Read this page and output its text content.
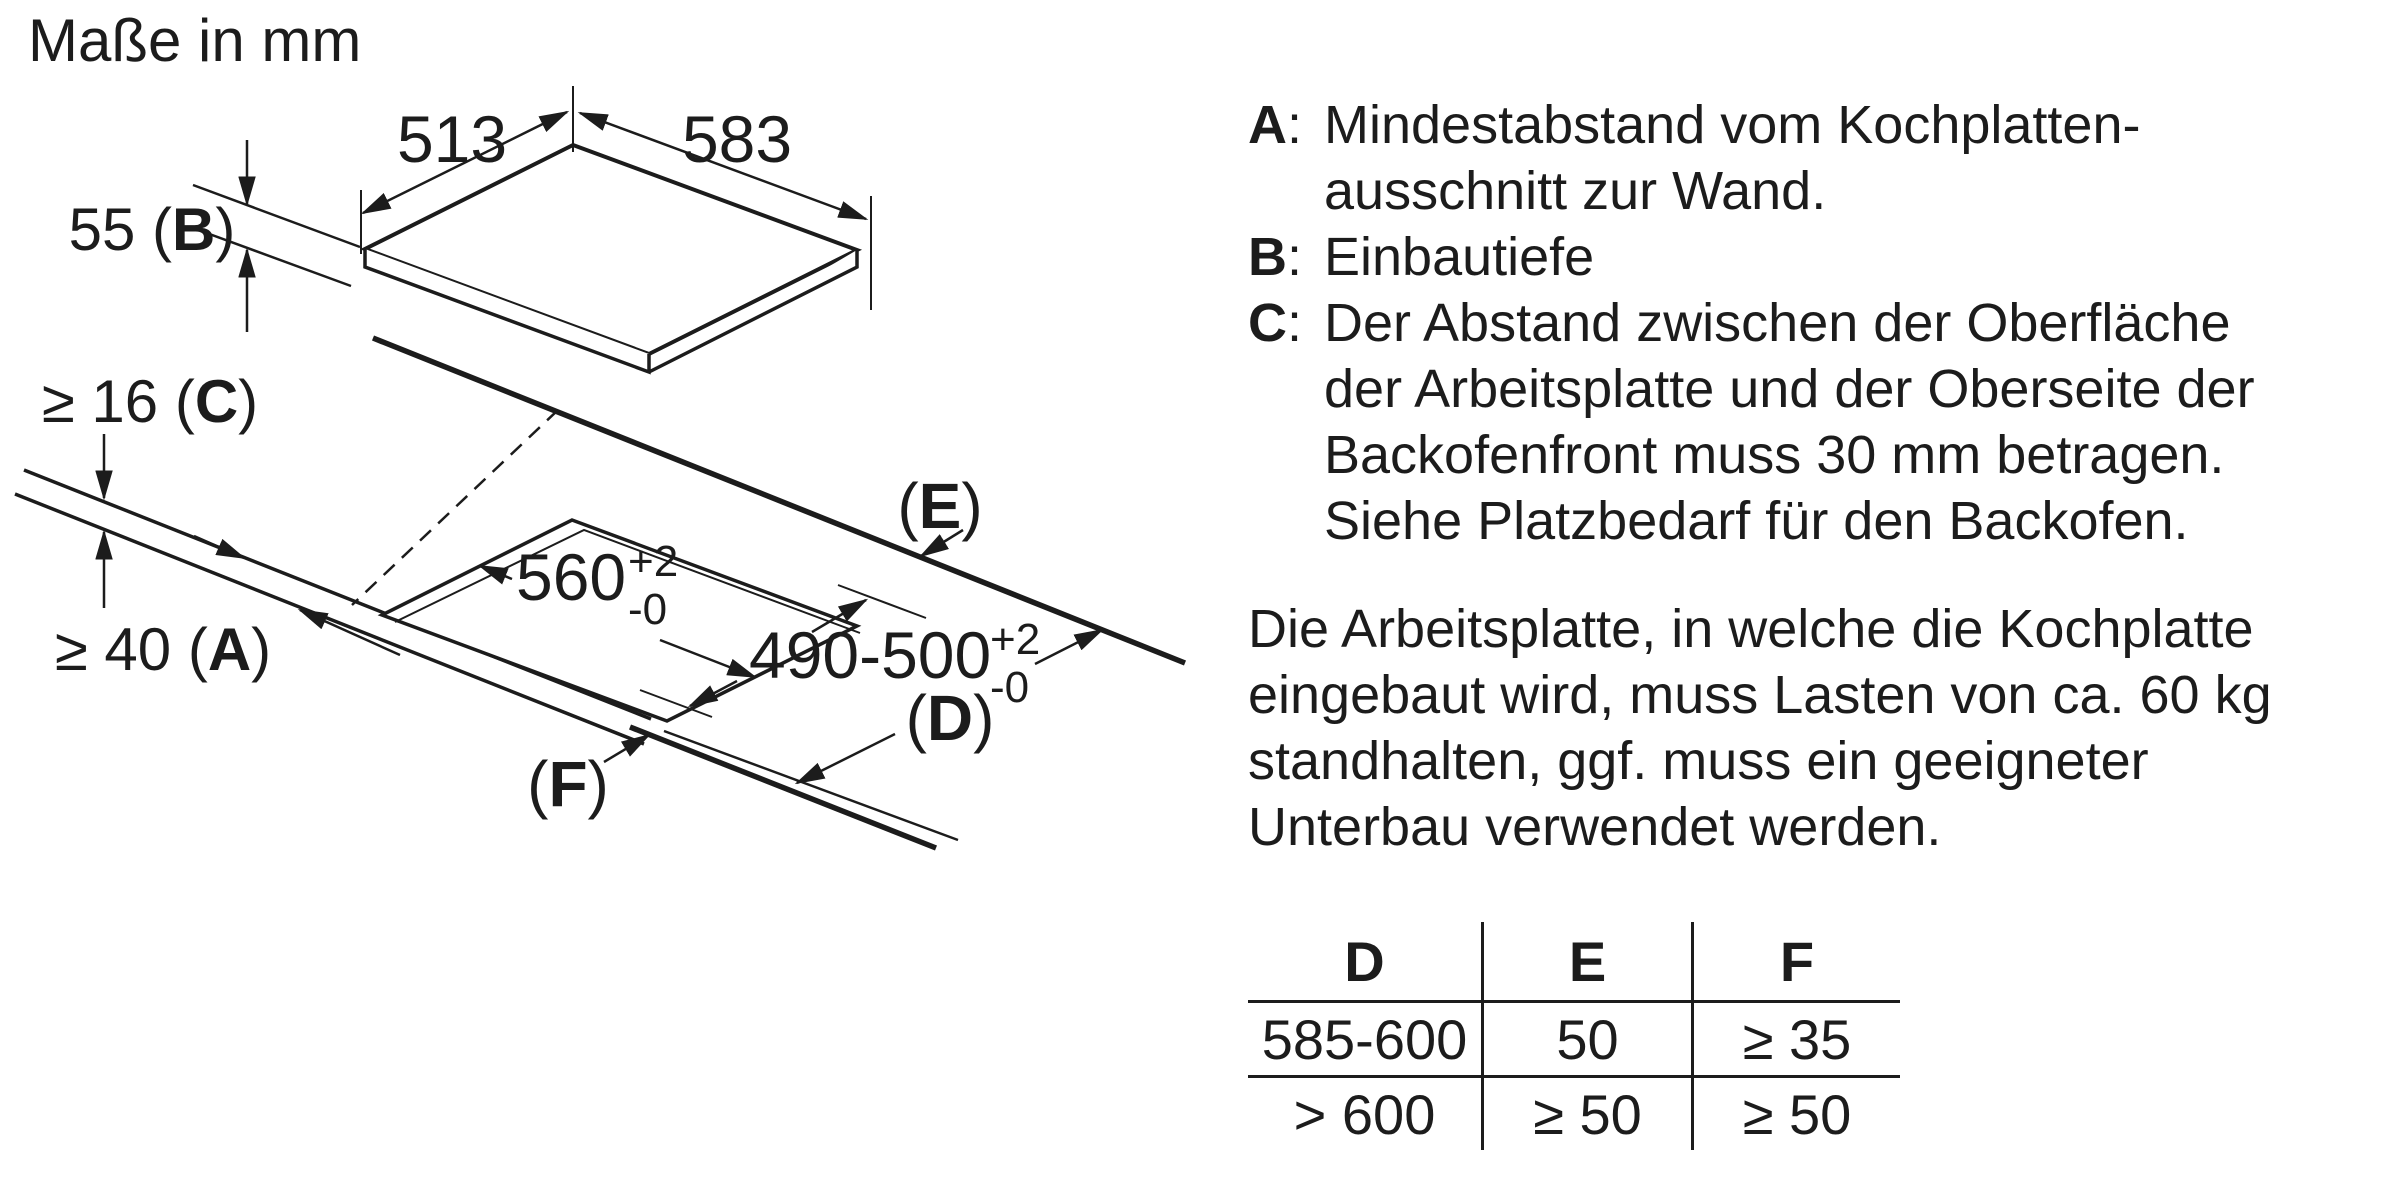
Maße in mm
513	583
55 (B)
≥ 16 (C)
≥ 40 (A)
560 +2
-0
490-500
+2
-0
(E)
(D)
(F)
A: Mindestabstand vom Kochplatten-
ausschnitt zur Wand.
B: Einbautiefe
C: Der Abstand zwischen der Oberfläche
der Arbeitsplatte und der Oberseite der
Backofenfront muss 30 mm betragen.
Siehe Platzbedarf für den Backofen.
Die Arbeitsplatte, in welche die Kochplatte
eingebaut wird, muss Lasten von ca. 60 kg
standhalten, ggf. muss ein geeigneter
Unterbau verwendet werden.
D	E	F
585-600	50	≥ 35
> 600	≥ 50	≥ 50
